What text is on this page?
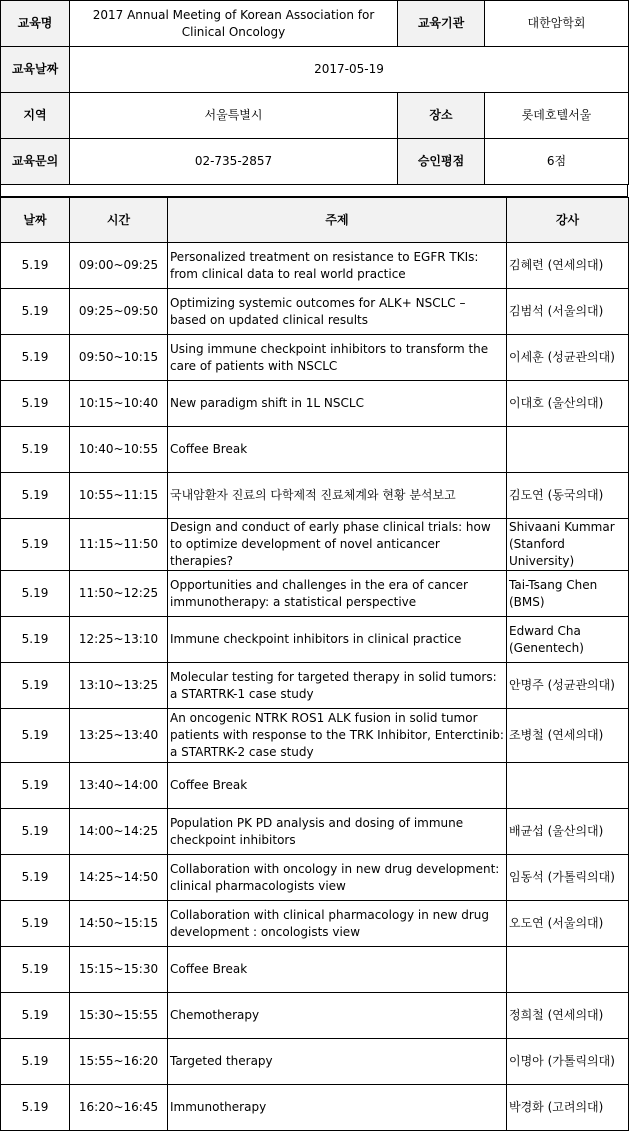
교육명	2017 Annual Meeting of Korean Association for Clinical Oncology	교육기관	대한암학회
교육날짜	2017-05-19		
지역	서울특별시	장소	롯데호텔서울
교육문의	02-735-2857	승인평점	6점
날짜	시간	주제	강사
5.19	09:00~09:25	Personalized treatment on resistance to EGFR TKIs: from clinical data to real world practice	김혜련 (연세의대)
5.19	09:25~09:50	Optimizing systemic outcomes for ALK+ NSCLC – based on updated clinical results	김범석 (서울의대)
5.19	09:50~10:15	Using immune checkpoint inhibitors to transform the care of patients with NSCLC	이세훈 (성균관의대)
5.19	10:15~10:40	New paradigm shift in 1L NSCLC	이대호 (울산의대)
5.19	10:40~10:55	Coffee Break	
5.19	10:55~11:15	국내암환자 진료의 다학제적 진료체계와 현황 분석보고	김도연 (동국의대)
5.19	11:15~11:50	Design and conduct of early phase clinical trials: how to optimize development of novel anticancer therapies?	Shivaani Kummar (Stanford University)
5.19	11:50~12:25	Opportunities and challenges in the era of cancer immunotherapy: a statistical perspective	Tai-Tsang Chen (BMS)
5.19	12:25~13:10	Immune checkpoint inhibitors in clinical practice	Edward Cha (Genentech)
5.19	13:10~13:25	Molecular testing for targeted therapy in solid tumors: a STARTRK-1 case study	안명주 (성균관의대)
5.19	13:25~13:40	An oncogenic NTRK ROS1 ALK fusion in solid tumor patients with response to the TRK Inhibitor, Enterctinib: a STARTRK-2 case study	조병철 (연세의대)
5.19	13:40~14:00	Coffee Break	
5.19	14:00~14:25	Population PK PD analysis and dosing of immune checkpoint inhibitors	배균섭 (울산의대)
5.19	14:25~14:50	Collaboration with oncology in new drug development: clinical pharmacologists view	임동석 (가톨릭의대)
5.19	14:50~15:15	Collaboration with clinical pharmacology in new drug development : oncologists view	오도연 (서울의대)
5.19	15:15~15:30	Coffee Break	
5.19	15:30~15:55	Chemotherapy	정희철 (연세의대)
5.19	15:55~16:20	Targeted therapy	이명아 (가톨릭의대)
5.19	16:20~16:45	Immunotherapy	박경화 (고려의대)
